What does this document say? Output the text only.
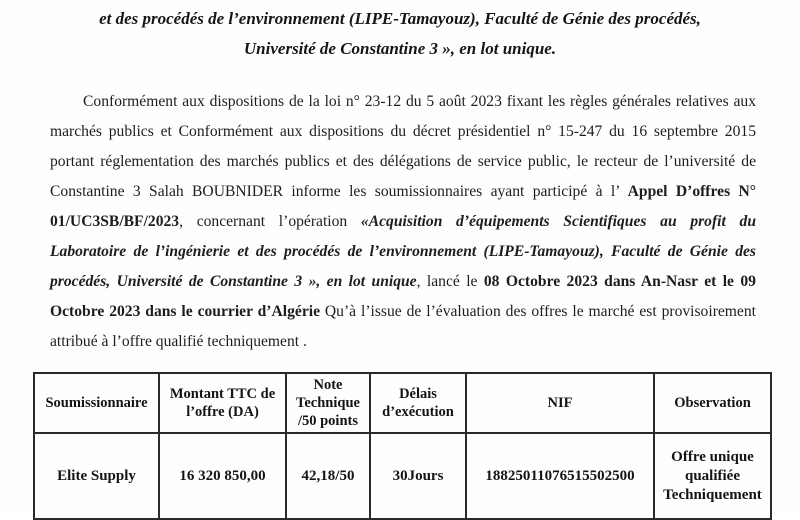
et des procédés de l’environnement (LIPE-Tamayouz), Faculté de Génie des procédés,
Université de Constantine 3 », en lot unique.

Conformément aux dispositions de la loi n° 23-12 du 5 août 2023 fixant les règles générales relatives aux marchés publics et Conformément aux dispositions du décret présidentiel n° 15-247 du 16 septembre 2015 portant réglementation des marchés publics et des délégations de service public, le recteur de l’université de Constantine 3 Salah BOUBNIDER informe les soumissionnaires ayant participé à l’ Appel D’offres N° 01/UC3SB/BF/2023, concernant l’opération «Acquisition d’équipements Scientifiques au profit du Laboratoire de l’ingénierie et des procédés de l’environnement (LIPE-Tamayouz), Faculté de Génie des procédés, Université de Constantine 3 », en lot unique, lancé le 08 Octobre 2023 dans An-Nasr et le 09 Octobre 2023 dans le courrier d’Algérie Qu’à l’issue de l’évaluation des offres le marché est provisoirement attribué à l’offre qualifié techniquement .

Soumissionnaire	Montant TTC de l’offre (DA)	Note Technique /50 points	Délais d’exécution	NIF	Observation
Elite Supply	16 320 850,00	42,18/50	30Jours	18825011076515502500	Offre unique qualifiée Techniquement
